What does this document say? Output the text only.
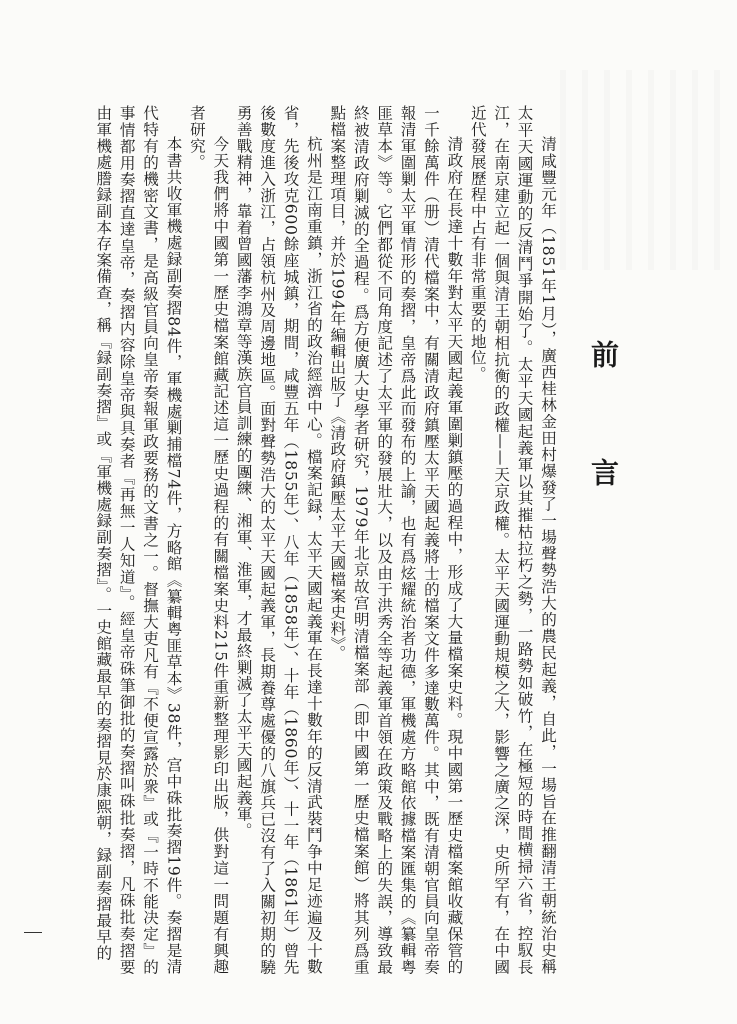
前 言

清咸豐元年（1851年1月），廣西桂林金田村爆發了一場聲勢浩大的農民起義，自此，一場旨在推翻清王朝統治史稱太平天國運動的反清鬥爭開始了。太平天國起義軍以其摧枯拉朽之勢，一路勢如破竹，在極短的時間横掃六省，控馭長江，在南京建立起一個與清王朝相抗衡的政權——天京政權。太平天國運動規模之大，影響之廣之深，史所罕有，在中國近代發展歷程中占有非常重要的地位。

清政府在長達十數年對太平天國起義軍圍剿鎮壓的過程中，形成了大量檔案史料。現中國第一歷史檔案館收藏保管的一千餘萬件（册）清代檔案中，有關清政府鎮壓太平天國起義將士的檔案文件多達數萬件。其中，既有清朝官員向皇帝奏報清軍圍剿太平軍情形的奏摺，皇帝爲此而發布的上諭，也有爲炫耀統治者功德，軍機處方略館依據檔案匯集的《纂輯粤匪草本》等。它們都從不同角度記述了太平軍的發展壯大，以及由于洪秀全等起義軍首領在政策及戰略上的失誤，導致最終被清政府剿滅的全過程。爲方便廣大史學者研究，1979年北京故宫明清檔案部（即中國第一歷史檔案館）將其列爲重點檔案整理項目，并於1994年編輯出版了《清政府鎮壓太平天國檔案史料》。

杭州是江南重鎮，浙江省的政治經濟中心。檔案記録，太平天國起義軍在長達十數年的反清武裝鬥争中足迹遍及十數省，先後攻克600餘座城鎮，期間，咸豐五年（1855年）、八年（1858年）、十年（1860年）、十一年（1861年）曾先後數度進入浙江，占領杭州及周邊地區。面對聲勢浩大的太平天國起義軍，長期養尊處優的八旗兵已沒有了入關初期的驍勇善戰精神，靠着曾國藩李鴻章等漢族官員訓練的團練、湘軍、淮軍，才最終剿滅了太平天國起義軍。

今天我們將中國第一歷史檔案館藏記述這一歷史過程的有關檔案史料215件重新整理影印出版，供對這一問題有興趣者研究。

本書共收軍機處録副奏摺84件，軍機處剿捕檔74件，方略館《纂輯粤匪草本》38件，宫中硃批奏摺19件。奏摺是清代特有的機密文書，是高級官員向皇帝奏報軍政要務的文書之一。督撫大吏凡有『不便宣露於衆』或『一時不能决定』的事情都用奏摺直達皇帝，奏摺内容除皇帝與具奏者『再無一人知道』。經皇帝硃筆御批的奏摺叫硃批奏摺，凡硃批奏摺要由軍機處謄録副本存案備查，稱『録副奏摺』或『軍機處録副奏摺』。一史館藏最早的奏摺見於康熙朝，録副奏摺最早的
